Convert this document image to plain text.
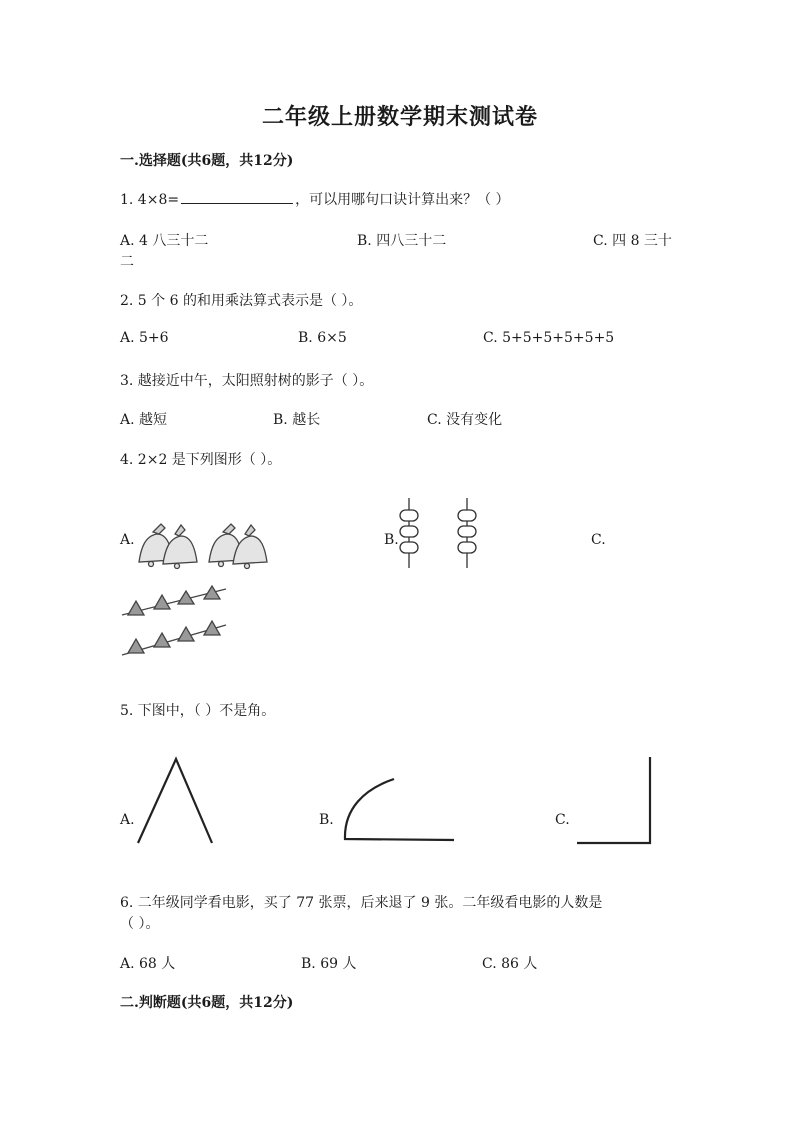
二年级上册数学期末测试卷
一.选择题(共6题，共12分)
1. 4×8=	，可以用哪句口诀计算出来？（ ）
A. 4 八三十二	B. 四八三十二	C. 四 8 三十
二
2. 5 个 6 的和用乘法算式表示是（ ）。
A. 5+6	B. 6×5	C. 5+5+5+5+5+5
3. 越接近中午，太阳照射树的影子（ ）。
A. 越短	B. 越长	C. 没有变化
4. 2×2 是下列图形（ ）。
A.	B.	C.
5. 下图中，（ ）不是角。
A.	B.	C.
6. 二年级同学看电影，买了 77 张票，后来退了 9 张。二年级看电影的人数是
（ ）。
A. 68 人	B. 69 人	C. 86 人
二.判断题(共6题，共12分)
